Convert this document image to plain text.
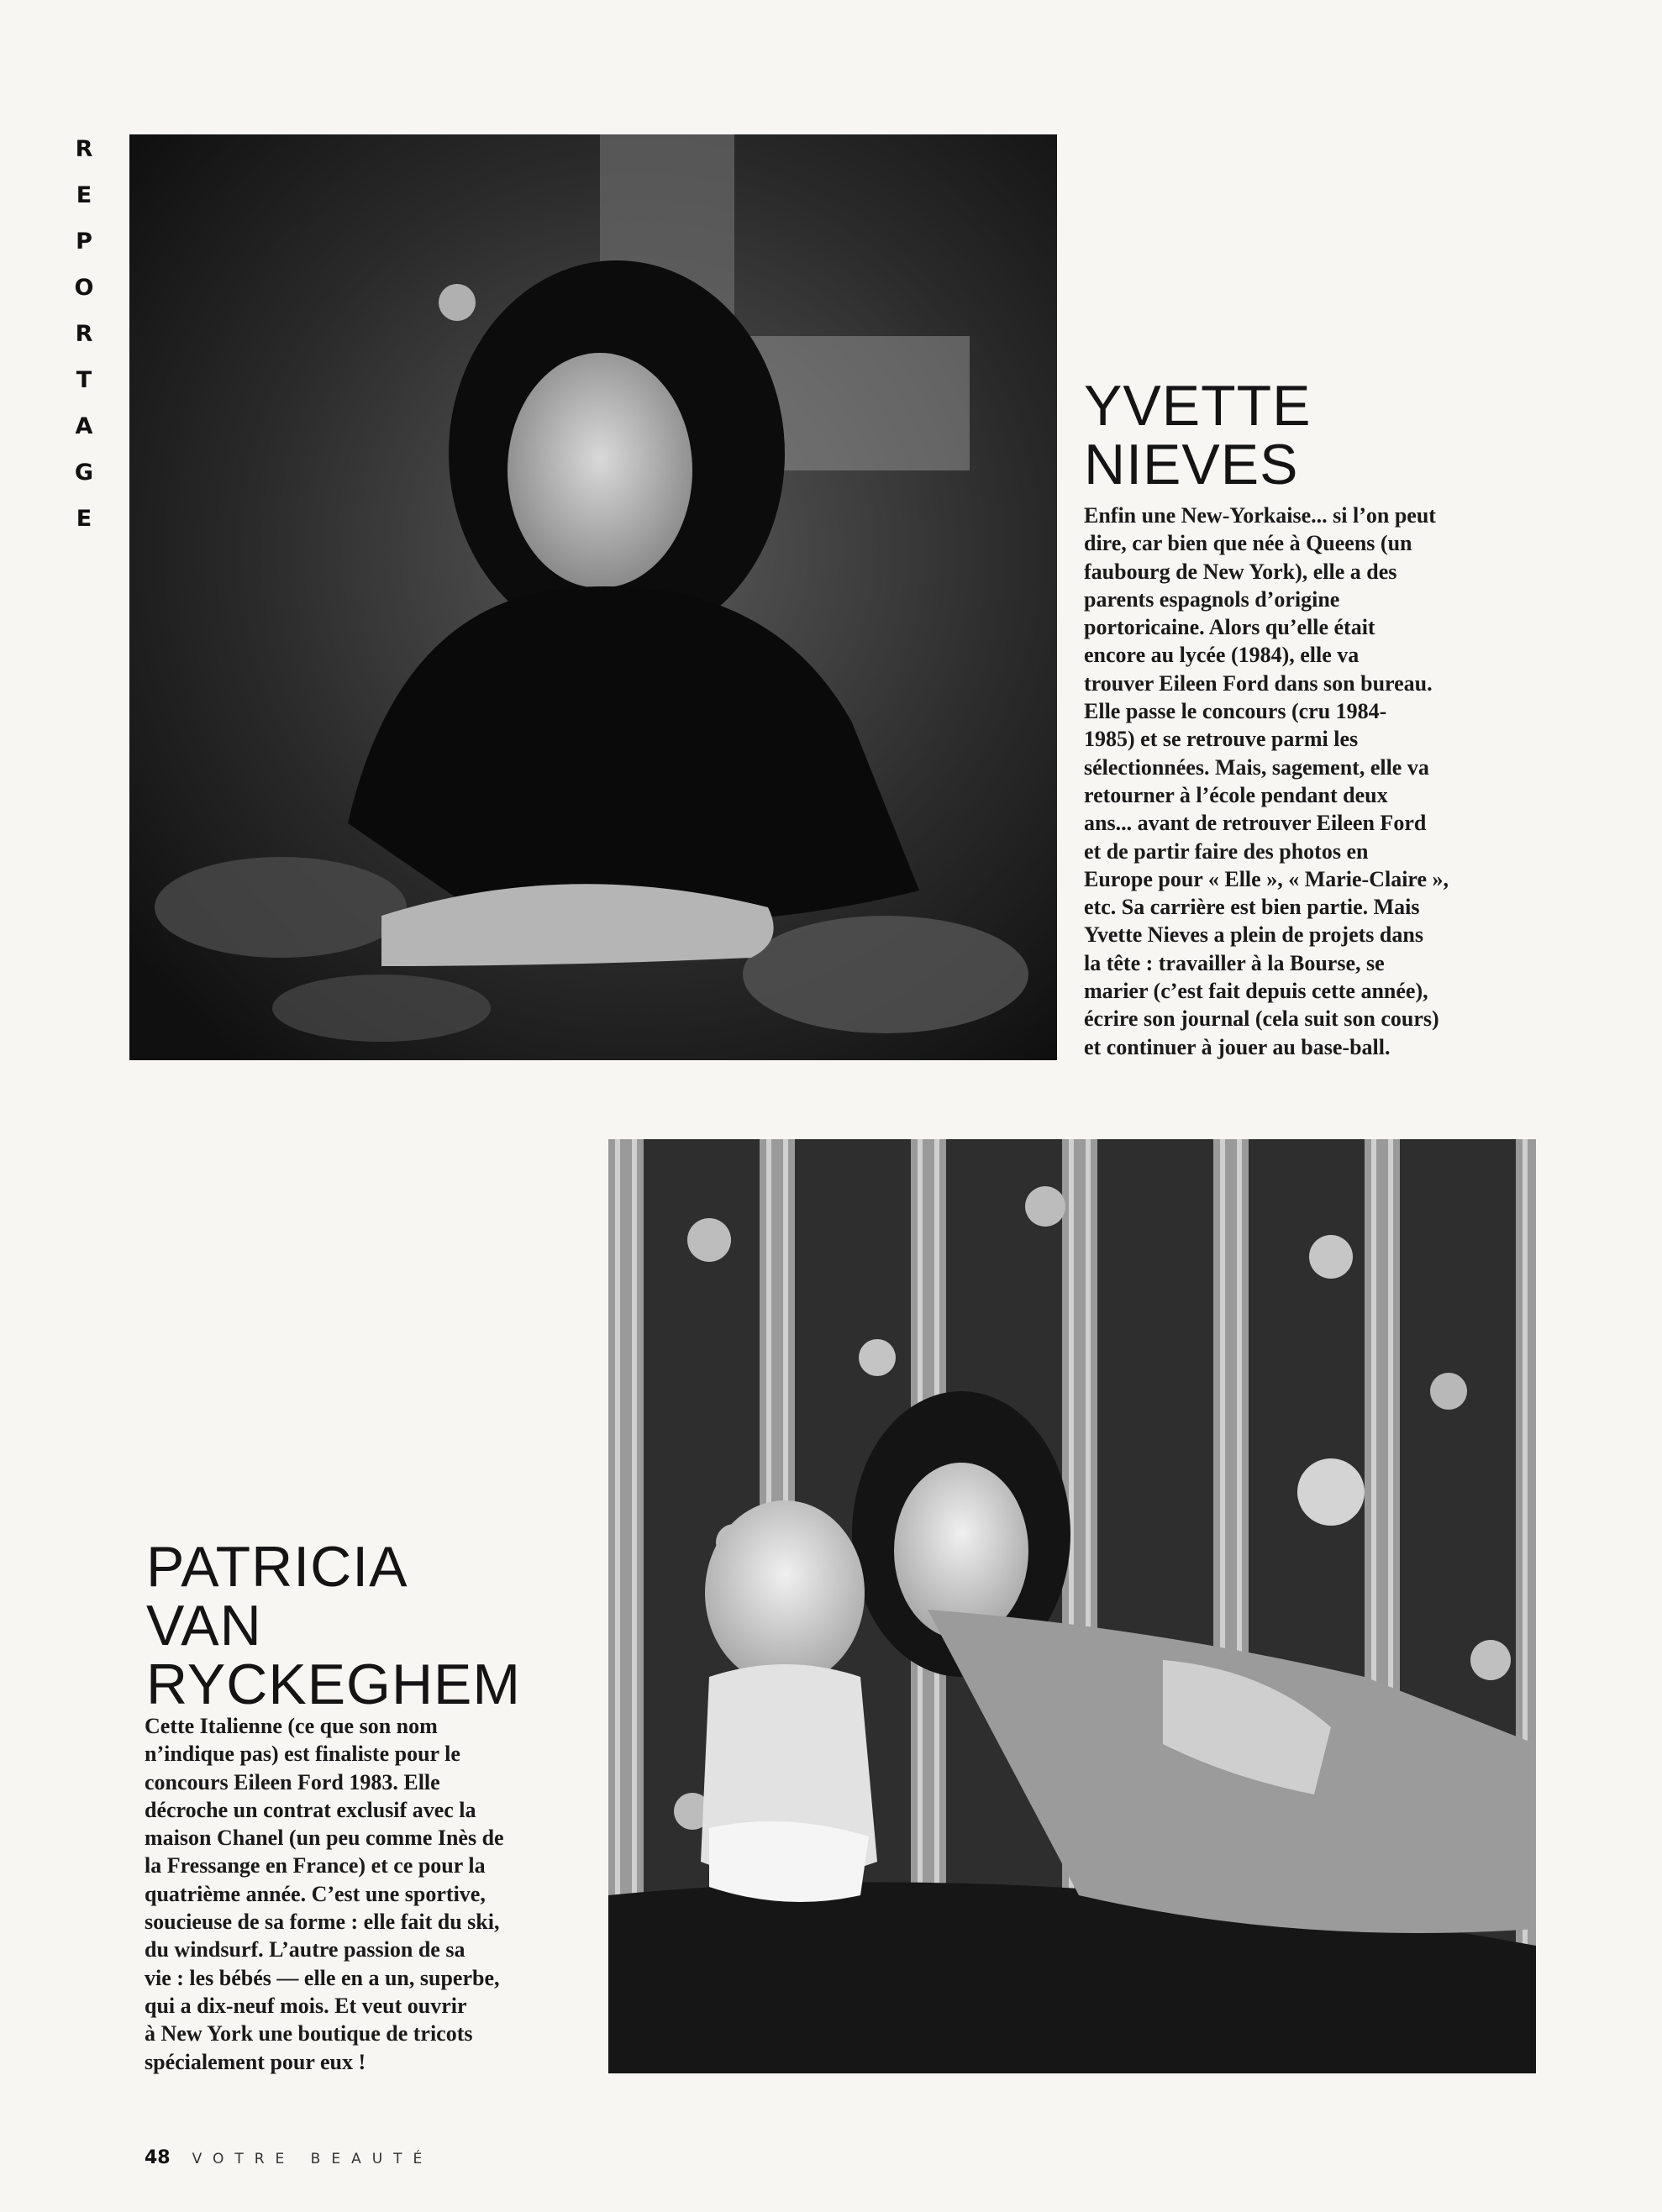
R
E
P
O
R
T
A
G
E
YVETTE
NIEVES

Enfin une New-Yorkaise... si l’on peut
dire, car bien que née à Queens (un
faubourg de New York), elle a des
parents espagnols d’origine
portoricaine. Alors qu’elle était
encore au lycée (1984), elle va
trouver Eileen Ford dans son bureau.
Elle passe le concours (cru 1984-
1985) et se retrouve parmi les
sélectionnées. Mais, sagement, elle va
retourner à l’école pendant deux
ans... avant de retrouver Eileen Ford
et de partir faire des photos en
Europe pour « Elle », « Marie-Claire »,
etc. Sa carrière est bien partie. Mais
Yvette Nieves a plein de projets dans
la tête : travailler à la Bourse, se
marier (c’est fait depuis cette année),
écrire son journal (cela suit son cours)
et continuer à jouer au base-ball.

PATRICIA
VAN
RYCKEGHEM

Cette Italienne (ce que son nom
n’indique pas) est finaliste pour le
concours Eileen Ford 1983. Elle
décroche un contrat exclusif avec la
maison Chanel (un peu comme Inès de
la Fressange en France) et ce pour la
quatrième année. C’est une sportive,
soucieuse de sa forme : elle fait du ski,
du windsurf. L’autre passion de sa
vie : les bébés — elle en a un, superbe,
qui a dix-neuf mois. Et veut ouvrir
à New York une boutique de tricots
spécialement pour eux !

48 VOTRE BEAUTÉ
